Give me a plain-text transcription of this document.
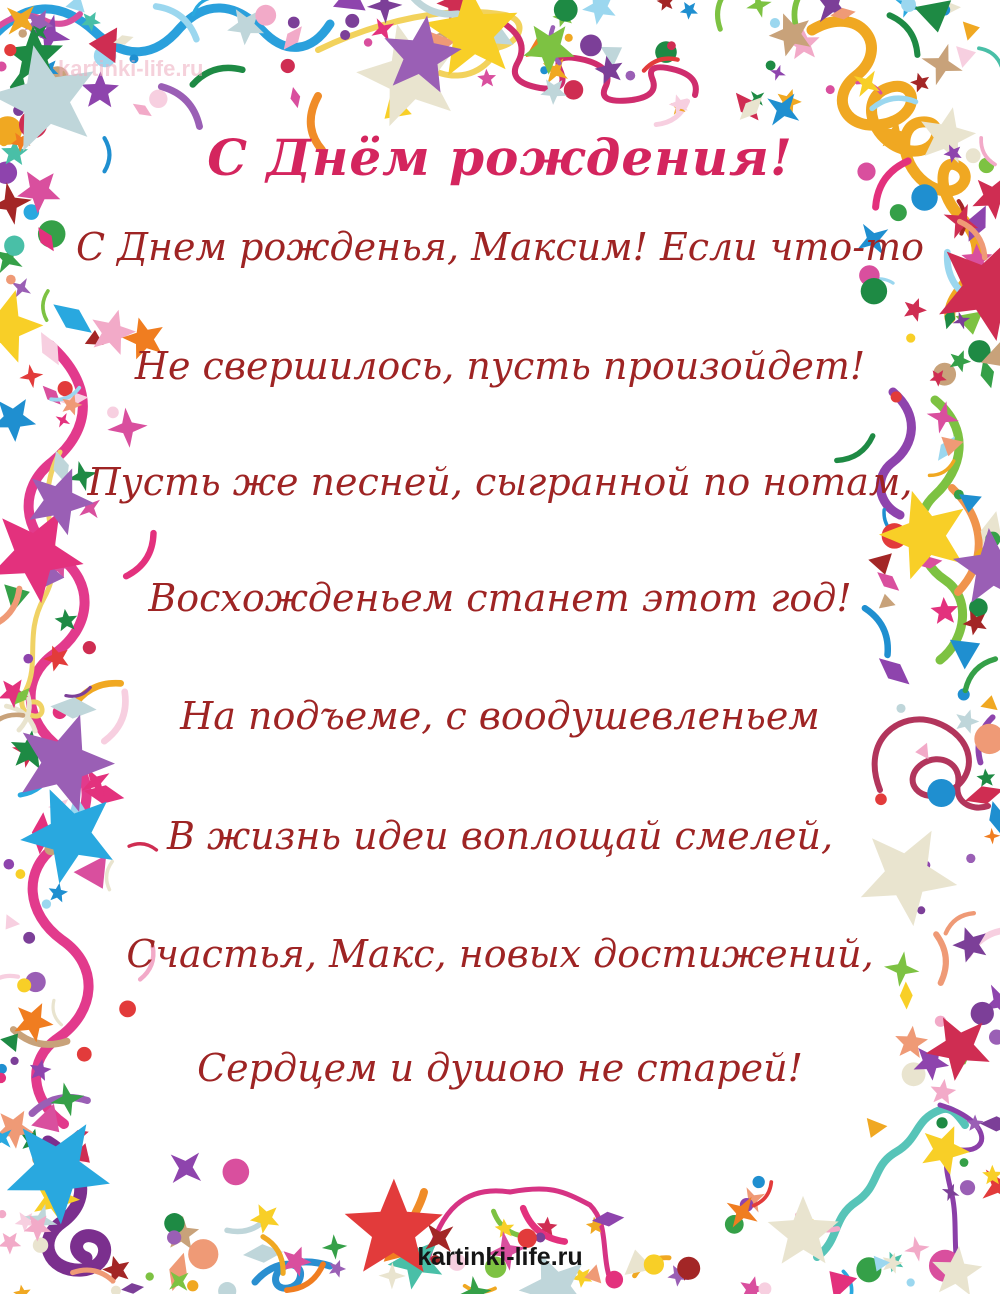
kartinki-life.ru
С Днём рождения!

С Днем рожденья, Максим! Если что-то

Не свершилось, пусть произойдет!

Пусть же песней, сыгранной по нотам,

Восхожденьем станет этот год!

На подъеме, с воодушевленьем

В жизнь идеи воплощай смелей,

Счастья, Макс, новых достижений,

Сердцем и душою не старей!

kartinki-life.ru
